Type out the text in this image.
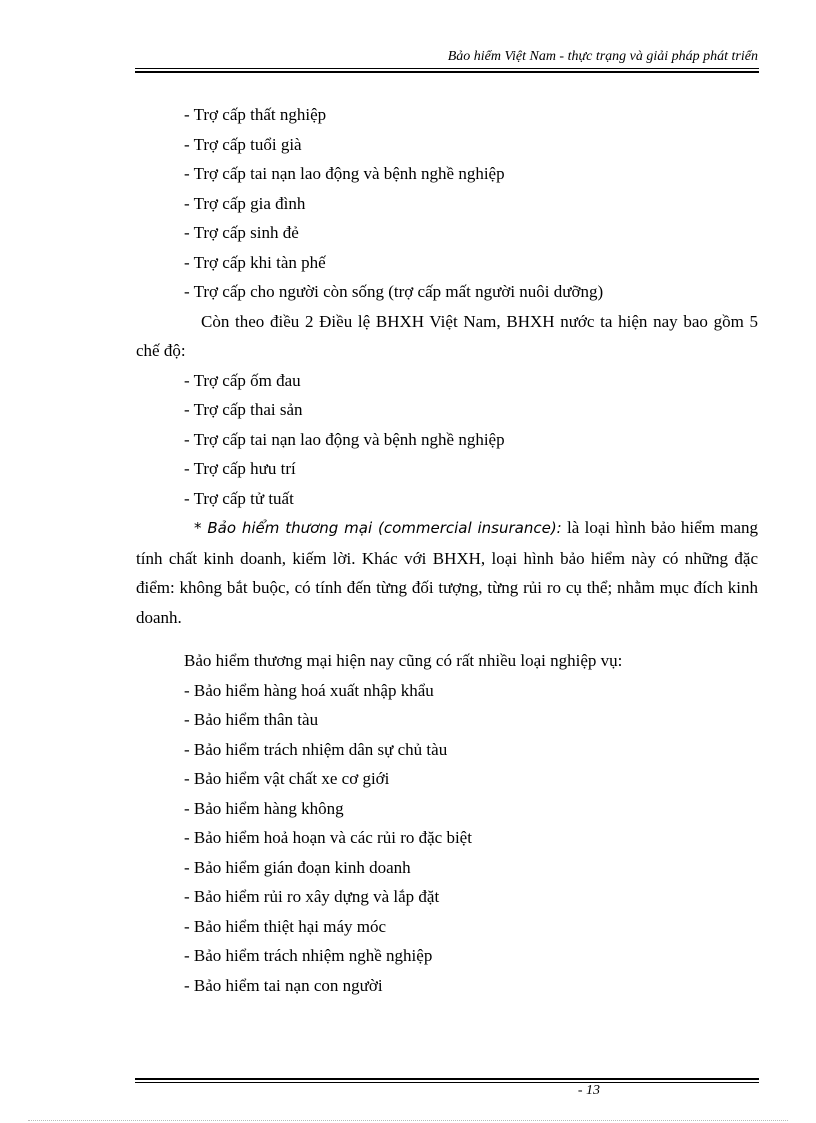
Bảo hiểm Việt Nam - thực trạng và giải pháp phát triển
- Trợ cấp thất nghiệp
- Trợ cấp tuổi già
- Trợ cấp tai nạn lao động và bệnh nghề nghiệp
- Trợ cấp gia đình
- Trợ cấp sinh đẻ
- Trợ cấp khi tàn phế
- Trợ cấp cho người còn sống (trợ cấp mất người nuôi dưỡng)
Còn theo điều 2 Điều lệ BHXH Việt Nam, BHXH nước ta hiện nay bao gồm 5 chế độ:
- Trợ cấp ốm đau
- Trợ cấp thai sản
- Trợ cấp tai nạn lao động và bệnh nghề nghiệp
- Trợ cấp hưu trí
- Trợ cấp tử tuất
* Bảo hiểm thương mại (commercial insurance): là loại hình bảo hiểm mang tính chất kinh doanh, kiếm lời. Khác với BHXH, loại hình bảo hiểm này có những đặc điểm: không bắt buộc, có tính đến từng đối tượng, từng rủi ro cụ thể; nhằm mục đích kinh doanh.
Bảo hiểm thương mại hiện nay cũng có rất nhiều loại nghiệp vụ:
- Bảo hiểm hàng hoá xuất nhập khẩu
- Bảo hiểm thân tàu
- Bảo hiểm trách nhiệm dân sự chủ tàu
- Bảo hiểm vật chất xe cơ giới
- Bảo hiểm hàng không
- Bảo hiểm hoả hoạn và các rủi ro đặc biệt
- Bảo hiểm gián đoạn kinh doanh
- Bảo hiểm rủi ro xây dựng và lắp đặt
- Bảo hiểm thiệt hại máy móc
- Bảo hiểm trách nhiệm nghề nghiệp
- Bảo hiểm tai nạn con người
- 13
